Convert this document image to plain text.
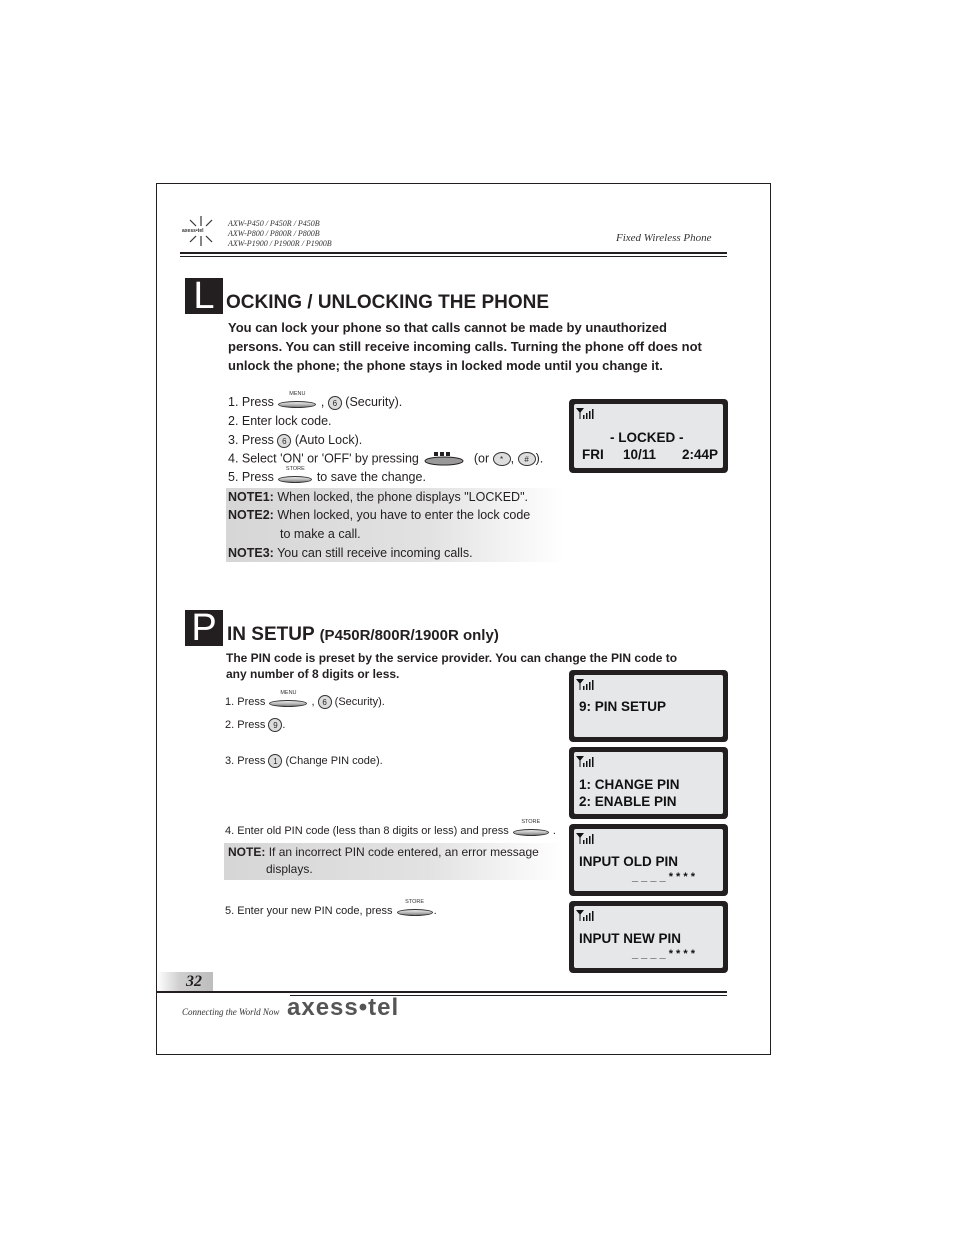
axess•tel
AXW-P450 / P450R / P450B
AXW-P800 / P800R / P800B
AXW-P1900 / P1900R / P1900B	Fixed Wireless Phone
L OCKING / UNLOCKING THE PHONE
You can lock your phone so that calls cannot be made by unauthorized persons. You can still receive incoming calls. Turning the phone off does not unlock the phone; the phone stays in locked mode until you change it.
1. Press
MENU
, 6 (Security).
2. Enter lock code.
3. Press 6 (Auto Lock).
4. Select 'ON' or 'OFF' by pressing	(or * , # ).
5. Press
STORE
to save the change.
NOTE1: When locked, the phone displays "LOCKED".
NOTE2: When locked, you have to enter the lock code
to make a call.
NOTE3: You can still receive incoming calls.
- LOCKED -
FRI 10/11 2:44P
P IN SETUP (P450R/800R/1900R only)
The PIN code is preset by the service provider. You can change the PIN code to any number of 8 digits or less.
1. Press
MENU
, 6 (Security).
2. Press 9 .
3. Press 1 (Change PIN code).
4. Enter old PIN code (less than 8 digits or less) and press
STORE
.
NOTE: If an incorrect PIN code entered, an error message
displays.
5. Enter your new PIN code, press
STORE
.
9: PIN SETUP
1: CHANGE PIN
2: ENABLE PIN
INPUT OLD PIN
_ _ _ _ * * * *
INPUT NEW PIN
_ _ _ _ * * * *
32
Connecting the World Now axess•tel
